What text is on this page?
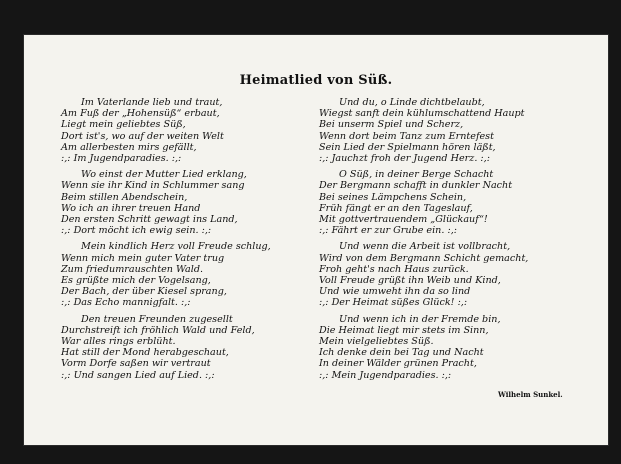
Heimatlied von Süß.
Im Vaterlande lieb und traut,
Am Fuß der „Hohensüß“ erbaut,
Liegt mein geliebtes Süß,
Dort ist's, wo auf der weiten Welt
Am allerbesten mirs gefällt,
:,: Im Jugendparadies. :,:
Wo einst der Mutter Lied erklang,
Wenn sie ihr Kind in Schlummer sang
Beim stillen Abendschein,
Wo ich an ihrer treuen Hand
Den ersten Schritt gewagt ins Land,
:,: Dort möcht ich ewig sein. :,:
Mein kindlich Herz voll Freude schlug,
Wenn mich mein guter Vater trug
Zum friedumrauschten Wald.
Es grüßte mich der Vogelsang,
Der Bach, der über Kiesel sprang,
:,: Das Echo mannigfalt. :,:
Den treuen Freunden zugesellt
Durchstreift ich fröhlich Wald und Feld,
War alles rings erblüht.
Hat still der Mond herabgeschaut,
Vorm Dorfe saßen wir vertraut
:,: Und sangen Lied auf Lied. :,:
Und du, o Linde dichtbelaubt,
Wiegst sanft dein kühlumschattend Haupt
Bei unserm Spiel und Scherz,
Wenn dort beim Tanz zum Erntefest
Sein Lied der Spielmann hören läßt,
:,: Jauchzt froh der Jugend Herz. :,:
O Süß, in deiner Berge Schacht
Der Bergmann schafft in dunkler Nacht
Bei seines Lämpchens Schein,
Früh fängt er an den Tageslauf,
Mit gottvertrauendem „Glückauf“!
:,: Fährt er zur Grube ein. :,:
Und wenn die Arbeit ist vollbracht,
Wird von dem Bergmann Schicht gemacht,
Froh geht's nach Haus zurück.
Voll Freude grüßt ihn Weib und Kind,
Und wie umweht ihn da so lind
:,: Der Heimat süßes Glück! :,:
Und wenn ich in der Fremde bin,
Die Heimat liegt mir stets im Sinn,
Mein vielgeliebtes Süß.
Ich denke dein bei Tag und Nacht
In deiner Wälder grünen Pracht,
:,: Mein Jugendparadies. :,:
Wilhelm Sunkel.
